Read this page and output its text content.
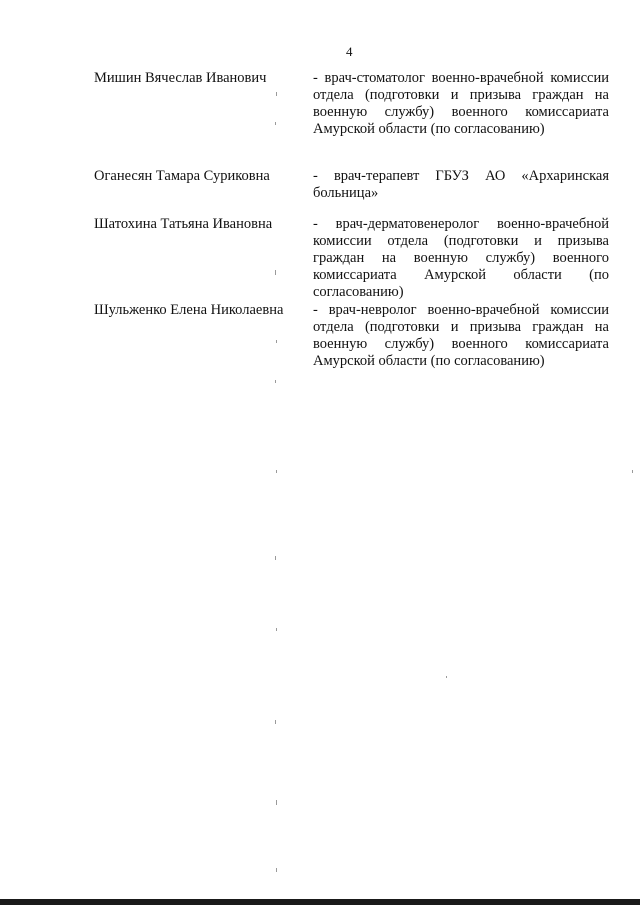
4
Мишин Вячеслав Иванович	- врач-стоматолог военно-врачебной комиссии отдела (подготовки и призыва граждан на военную службу) военного комиссариата Амурской области (по согласованию)
Оганесян Тамара Суриковна	- врач-терапевт ГБУЗ АО «Архаринская больница»
Шатохина Татьяна Ивановна	- врач-дерматовенеролог военно-врачебной комиссии отдела (подготовки и призыва граждан на военную службу) военного комиссариата Амурской области (по согласованию)
Шульженко Елена Николаевна	- врач-невролог военно-врачебной комиссии отдела (подготовки и призыва граждан на военную службу) военного комиссариата Амурской области (по согласованию)
